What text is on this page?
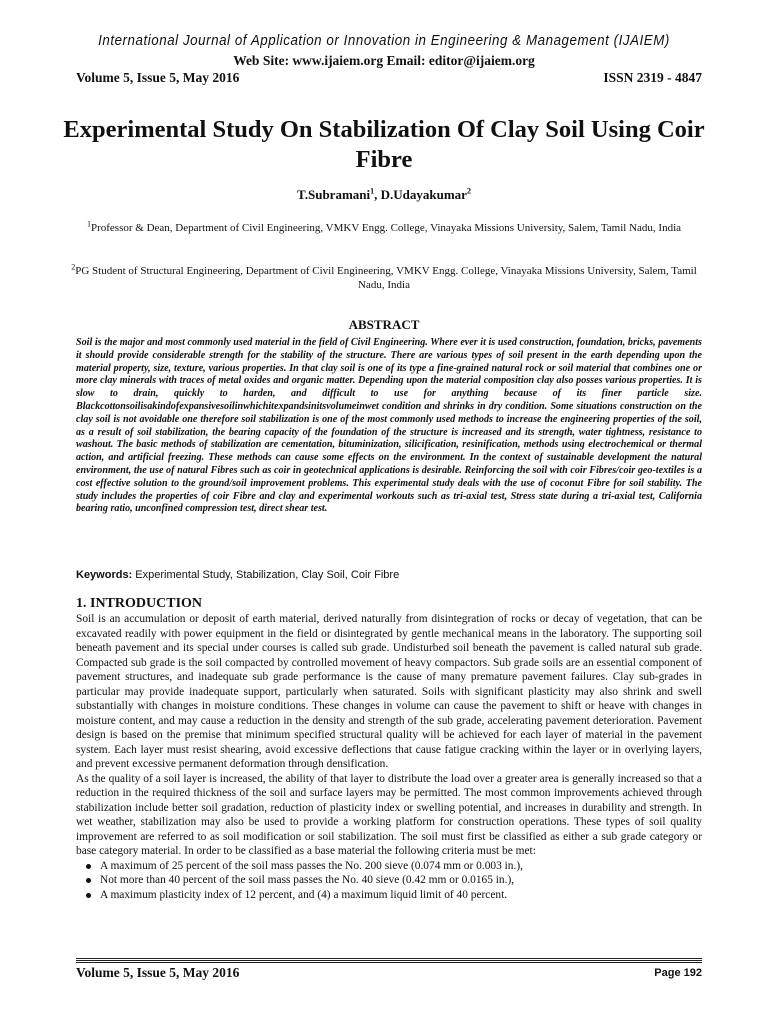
International Journal of Application or Innovation in Engineering & Management (IJAIEM)
Web Site: www.ijaiem.org Email: editor@ijaiem.org
Volume 5, Issue 5, May 2016	ISSN 2319 - 4847
Experimental Study On Stabilization Of Clay Soil Using Coir Fibre
T.Subramani$^1$, D.Udayakumar$^2$
$^1$Professor & Dean, Department of Civil Engineering, VMKV Engg. College, Vinayaka Missions University, Salem, Tamil Nadu, India
$^2$PG Student of Structural Engineering, Department of Civil Engineering, VMKV Engg. College, Vinayaka Missions University, Salem, Tamil Nadu, India
ABSTRACT
Soil is the major and most commonly used material in the field of Civil Engineering. Where ever it is used construction, foundation, bricks, pavements it should provide considerable strength for the stability of the structure. There are various types of soil present in the earth depending upon the material property, size, texture, various properties. In that clay soil is one of its type a fine-grained natural rock or soil material that combines one or more clay minerals with traces of metal oxides and organic matter. Depending upon the material composition clay also posses various properties. It is slow to drain, quickly to harden, and difficult to use for anything because of its finer particle size. Blackcottonsoilisakindofexpansivesoilinwhichitexpandsinitsvolumeinwet condition and shrinks in dry condition. Some situations construction on the clay soil is not avoidable one therefore soil stabilization is one of the most commonly used methods to increase the engineering properties of the soil, as a result of soil stabilization, the bearing capacity of the foundation of the structure is increased and its strength, water tightness, resistance to washout. The basic methods of stabilization are cementation, bituminization, silicification, resinification, methods using electrochemical or thermal action, and artificial freezing. These methods can cause some effects on the environment. In the context of sustainable development the natural environment, the use of natural Fibres such as coir in geotechnical applications is desirable. Reinforcing the soil with coir Fibres/coir geo-textiles is a cost effective solution to the ground/soil improvement problems. This experimental study deals with the use of coconut Fibre for soil stability. The study includes the properties of coir Fibre and clay and experimental workouts such as tri-axial test, Stress state during a tri-axial test, California bearing ratio, unconfined compression test, direct shear test.
Keywords: Experimental Study, Stabilization, Clay Soil, Coir Fibre
1. INTRODUCTION

Soil is an accumulation or deposit of earth material, derived naturally from disintegration of rocks or decay of vegetation, that can be excavated readily with power equipment in the field or disintegrated by gentle mechanical means in the laboratory. The supporting soil beneath pavement and its special under courses is called sub grade. Undisturbed soil beneath the pavement is called natural sub grade. Compacted sub grade is the soil compacted by controlled movement of heavy compactors. Sub grade soils are an essential component of pavement structures, and inadequate sub grade performance is the cause of many premature pavement failures. Clay sub-grades in particular may provide inadequate support, particularly when saturated. Soils with significant plasticity may also shrink and swell substantially with changes in moisture conditions. These changes in volume can cause the pavement to shift or heave with changes in moisture content, and may cause a reduction in the density and strength of the sub grade, accelerating pavement deterioration. Pavement design is based on the premise that minimum specified structural quality will be achieved for each layer of material in the pavement system. Each layer must resist shearing, avoid excessive deflections that cause fatigue cracking within the layer or in overlying layers, and prevent excessive permanent deformation through densification.

As the quality of a soil layer is increased, the ability of that layer to distribute the load over a greater area is generally increased so that a reduction in the required thickness of the soil and surface layers may be permitted. The most common improvements achieved through stabilization include better soil gradation, reduction of plasticity index or swelling potential, and increases in durability and strength. In wet weather, stabilization may also be used to provide a working platform for construction operations. These types of soil quality improvement are referred to as soil modification or soil stabilization. The soil must first be classified as either a sub grade category or base category material. In order to be classified as a base material the following criteria must be met:

A maximum of 25 percent of the soil mass passes the No. 200 sieve (0.074 mm or 0.003 in.),
Not more than 40 percent of the soil mass passes the No. 40 sieve (0.42 mm or 0.0165 in.),
A maximum plasticity index of 12 percent, and (4) a maximum liquid limit of 40 percent.
Volume 5, Issue 5, May 2016	Page 192
